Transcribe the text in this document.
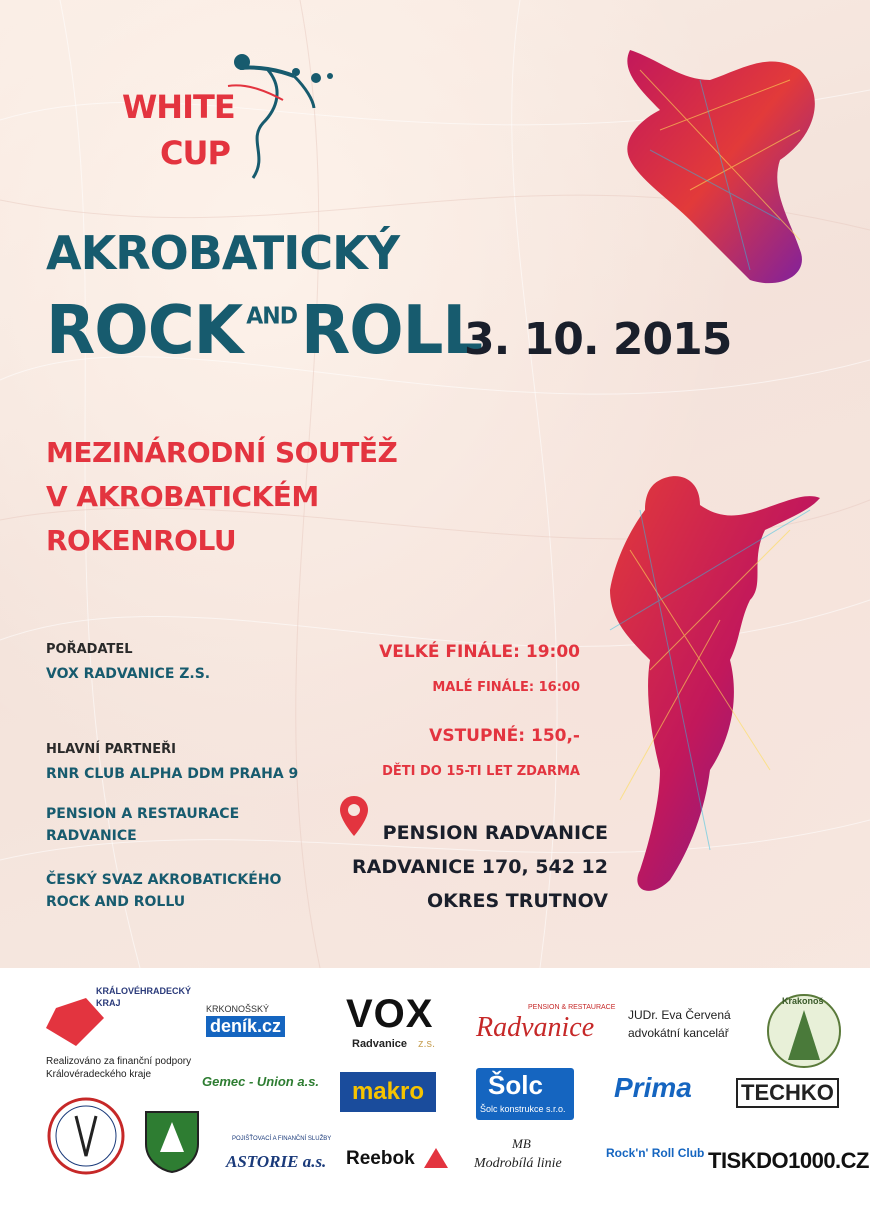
WHITE
CUP
AKROBATICKÝ
ROCK $^{AND}$ROLL
3. 10. 2015
MEZINÁRODNÍ SOUTĚŽ
V AKROBATICKÉM
ROKENROLU
POŘADATEL
VOX RADVANICE Z.S.
HLAVNÍ PARTNEŘI
RNR CLUB ALPHA DDM PRAHA 9
PENSION A RESTAURACE
RADVANICE
ČESKÝ SVAZ AKROBATICKÉHO
ROCK AND ROLLU
VELKÉ FINÁLE: 19:00
MALÉ FINÁLE: 16:00
VSTUPNÉ: 150,-
DĚTI DO 15-TI LET ZDARMA
PENSION RADVANICE
RADVANICE 170, 542 12
OKRES TRUTNOV
KRÁLOVÉHRADECKÝ
KRAJ
Realizováno za finanční podpory
Královéradeckého kraje
KRKONOŠSKÝ
deník.cz VOX
Radvanice z.s.
PENSION & RESTAURACE
Radvanice	JUDr. Eva Červená
advokátní kancelář
Krakonoš
Gemec - Union a.s.	makro	Šolc
Šolc konstrukce s.r.o.
Prima TECHKO
POJIŠŤOVACÍ A FINANČNÍ SLUŽBY
ASTORIE a.s. Reebok
MB
Modrobílá linie
Rock'n' Roll Club TISKDO1000.CZ
